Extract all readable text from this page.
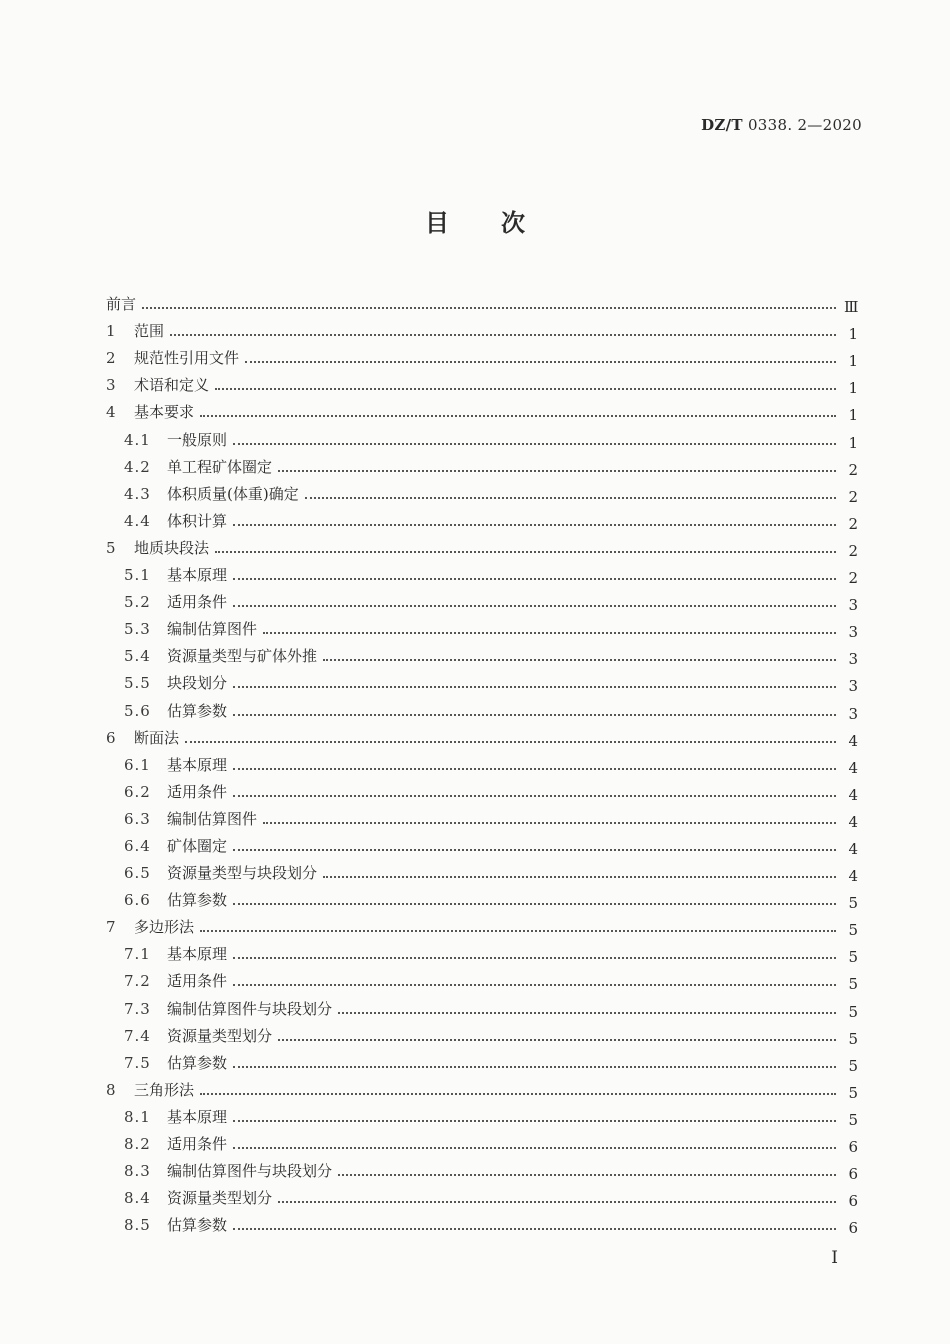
DZ/T 0338. 2—2020
目 次
前言	Ⅲ
1	范围	1
2	规范性引用文件	1
3	术语和定义	1
4	基本要求	1
4.1	一般原则	1
4.2	单工程矿体圈定	2
4.3	体积质量(体重)确定	2
4.4	体积计算	2
5	地质块段法	2
5.1	基本原理	2
5.2	适用条件	3
5.3	编制估算图件	3
5.4	资源量类型与矿体外推	3
5.5	块段划分	3
5.6	估算参数	3
6	断面法	4
6.1	基本原理	4
6.2	适用条件	4
6.3	编制估算图件	4
6.4	矿体圈定	4
6.5	资源量类型与块段划分	4
6.6	估算参数	5
7	多边形法	5
7.1	基本原理	5
7.2	适用条件	5
7.3	编制估算图件与块段划分	5
7.4	资源量类型划分	5
7.5	估算参数	5
8	三角形法	5
8.1	基本原理	5
8.2	适用条件	6
8.3	编制估算图件与块段划分	6
8.4	资源量类型划分	6
8.5	估算参数	6
Ⅰ
